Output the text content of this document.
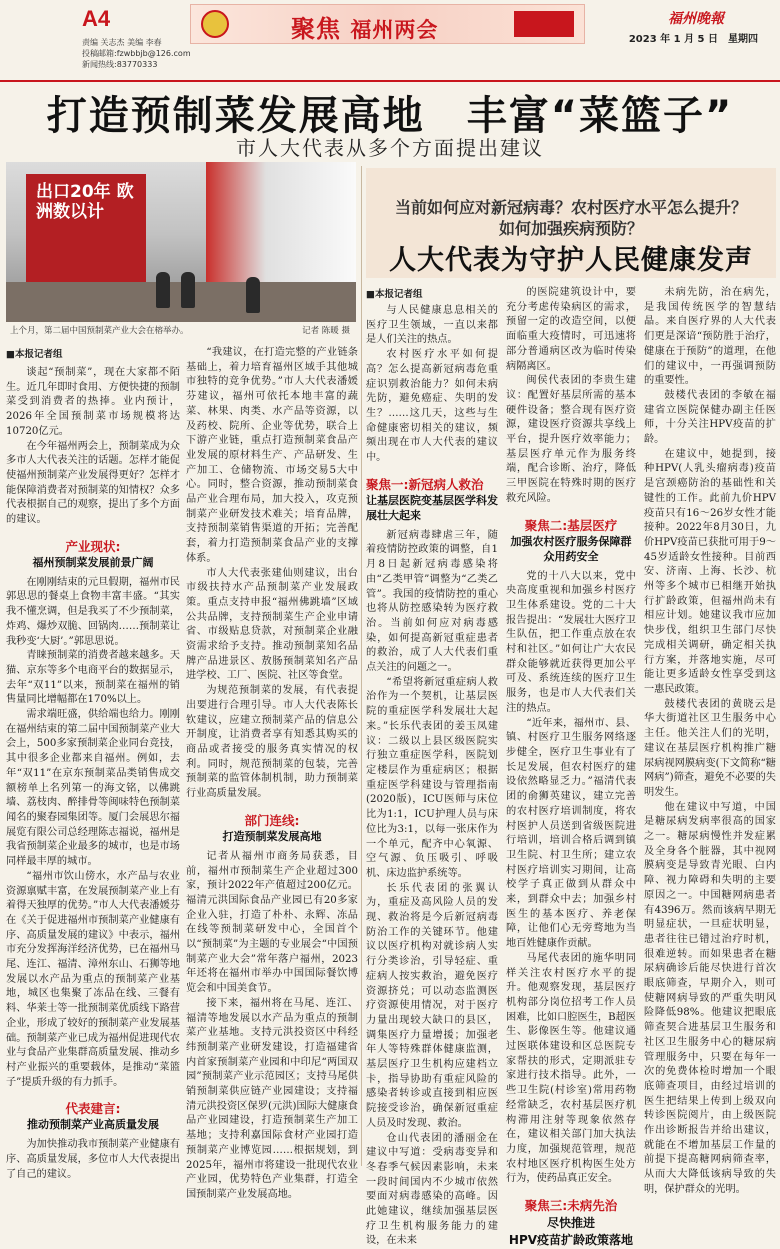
A4
责编 关志杰 美编 李春
投稿邮箱:fzwbbjb@126.com
新闻热线:83770333
聚焦 福州两会	福州晚報
2023 年 1 月 5 日　星期四
打造预制菜发展高地　丰富“菜篮子”
市人大代表从多个方面提出建议
出口20年 欧洲数以计
上个月，第二届中国预制菜产业大会在榕举办。	记者 陈暖 摄
■本报记者组

谈起“预制菜”，现在大家都不陌生。近几年即时食用、方便快捷的预制菜受到消费者的热捧。业内预计，2026年全国预制菜市场规模将达10720亿元。

在今年福州两会上，预制菜成为众多市人大代表关注的话题。怎样才能促使福州预制菜产业发展得更好？怎样才能保障消费者对预制菜的知情权？众多代表根据自己的观察，提出了多个方面的建议。

产业现状:
福州预制菜发展前景广阔

在刚刚结束的元旦假期，福州市民郭思思的餐桌上食物丰富丰盛。“其实我不懂烹调，但是我买了不少预制菜，炸鸡、爆炒双脆、回锅肉……预制菜让我秒变‘大厨’。”郭思思说。

青睐预制菜的消费者越来越多。天猫、京东等多个电商平台的数据显示，去年“双11”以来，预制菜在福州的销售量同比增幅都在170%以上。

需求端旺盛，供给端也给力。刚刚在福州结束的第二届中国预制菜产业大会上，500多家预制菜企业同台竞技，其中很多企业都来自福州。例如，去年“双11”在京东预制菜品类销售成交额榜单上名列第一的海文铭，以佛跳墙、荔枝肉、醉排骨等闽味特色预制菜闻名的聚春园集团等。厦门会展思尔福展览有限公司总经理陈志福说，福州是我省预制菜企业最多的城市，也是市场同样最丰厚的城市。

“福州市饮山傍水，水产品与农业资源禀赋丰富，在发展预制菜产业上有着得天独厚的优势。”市人大代表潘媛芬在《关于促进福州市预制菜产业健康有序、高质量发展的建议》中表示，福州市充分发挥海洋经济优势，已在福州马尾、连江、福清、漳州东山、石狮等地发展以水产品为重点的预制菜产业基地，城区也集聚了冻品在线、三餐有料、华莱士等一批预制菜优质线下路营企业，形成了较好的预制菜产业发展基础。预制菜产业已成为福州促进现代农业与食品产业集群高质量发展、推动乡村产业振兴的重要载体，是推动“菜篮子”提质升级的有力抓手。

代表建言:
推动预制菜产业高质量发展

为加快推动我市预制菜产业健康有序、高质量发展，多位市人大代表提出了自己的建议。

“我建议，在打造完整的产业链条基础上，着力培育福州区域手其他城市独特的竞争优势。”市人大代表潘媛芬建议，福州可依托本地丰富的蔬菜、林果、肉类、水产品等资源，以及药校、院所、企业等优势，联合上下游产业链，重点打造预制菜食品产业发展的原材料生产、产品研发、生产加工、仓储物流、市场交易5大中心。同时，整合资源，推动预制菜食品产业合理布局，加大投入，攻克预制菜产业研发技术难关；培育品牌，支持预制菜销售渠道的开拓；完善配套，着力打造预制菜食品产业的支撑体系。

市人大代表张建仙则建议，出台市级扶持水产品预制菜产业发展政策。重点支持申报“福州佛跳墙”区域公共品牌，支持预制菜生产企业申请省、市级贴息贷款，对预制菜企业融资需求给予支持。推动预制菜知名品牌产品进景区、敖肠预制菜知名产品进学校、工厂、医院、社区等食堂。

为规范预制菜的发展，有代表提出要进行合理引导。市人大代表陈长钦建议，应建立预制菜产品的信息公开制度，让消费者享有知悉其购买的商品或者接受的服务真实情况的权利。同时，规范预制菜的包装，完善预制菜的监管体制机制，助力预制菜行业高质量发展。

部门连线:
打造预制菜发展高地

记者从福州市商务局获悉，目前，福州市预制菜生产企业超过300家，预计2022年产值超过200亿元。福清元洪国际食品产业园已有20多家企业入驻，打造了朴朴、永辉、冻品在线等预制菜研发中心，全国首个以“预制菜”为主题的专业展会“中国预制菜产业大会”常年落户福州，2023年还将在福州市举办中国国际餐饮博览会和中国美食节。

接下来，福州将在马尾、连江、福清等地发展以水产品为重点的预制菜产业基地。支持元洪投资区中科经纬预制菜产业研发建设，打造福建省内首家预制菜产业园和中印尼“两国双园”预制菜产业示范园区；支持马尾供销预制菜供应链产业园建设；支持福清元洪投资区保罗(元洪)国际大健康食品产业园建设，打造预制菜生产加工基地；支持利嘉国际食材产业园打造预制菜产业博览园……根据规划，到2025年，福州市将建设一批现代农业产业园，优势特色产业集群，打造全国预制菜产业发展高地。

当前如何应对新冠病毒？农村医疗水平怎么提升？
如何加强疾病预防？
人大代表为守护人民健康发声
■本报记者组

与人民健康息息相关的医疗卫生领域，一直以来都是人们关注的热点。

农村医疗水平如何提高？怎么提高新冠病毒危重症识别救治能力？如何未病先防，避免癌症、失明的发生？……这几天，这些与生命健康密切相关的建议，频频出现在市人大代表的建议中。

聚焦一:新冠病人救治
让基层医院变基层医学科发展壮大起来

新冠病毒肆虐三年，随着疫情防控政策的调整，自1月8日起新冠病毒感染将由“乙类甲管”调整为“乙类乙管”。我国的疫情防控的重心也将从防控感染转为医疗救治。当前如何应对病毒感染，如何提高新冠重症患者的救治，成了人大代表们重点关注的问题之一。

“希望将新冠重症病人救治作为一个契机，让基层医院的重症医学科发展壮大起来。”长乐代表团的姜玉凤建议：二级以上县区级医院实行独立重症医学科，医院划定楼层作为重症病区；根据重症医学科建设与管理指南(2020版)，ICU医师与床位比为1:1，ICU护理人员与床位比为3:1，以每一张床作为一个单元，配齐中心氧源、空气源、负压吸引、呼吸机、床边监护系统等。

长乐代表团的张翼认为，重症及高风险人员的发现、救治将是今后新冠病毒防治工作的关键环节。他建议以医疗机构对就诊病人实行分类诊治，引导轻症、重症病人按实救治，避免医疗资源挤兑；可以动态监测医疗资源使用情况，对于医疗力量出现较大缺口的县区，调集医疗力量增援；加强老年人等特殊群体健康监测，基层医疗卫生机构应建档立卡，指导协助有重症风险的感染者转诊或直接到相应医院接受诊治，确保新冠重症人员及时发现、救治。

仓山代表团的潘丽金在建议中写道：受病毒变异和冬春季气候因素影响，未来一段时间国内不少城市依然要面对病毒感染的高峰。因此她建议，继续加强基层医疗卫生机构服务能力的建设，在未来

的医院建筑设计中，要充分考虑传染病区的需求，预留一定的改造空间，以便面临重大疫情时，可迅速将部分普通病区改为临时传染病隔离区。

闽侯代表团的李贵生建议：配置好基层所需的基本硬件设备；整合现有医疗资源，建设医疗资源共享线上平台，提升医疗效率能力；基层医疗单元作为服务终端，配合诊断、治疗，降低三甲医院在特殊时期的医疗救充风险。

聚焦二:基层医疗
加强农村医疗服务保障群众用药安全

党的十八大以来，党中央高度重视和加强乡村医疗卫生体系建设。党的二十大报告提出：“发展壮大医疗卫生队伍，把工作重点放在农村和社区。”如何让广大农民群众能够就近获得更加公平可及、系统连续的医疗卫生服务，也是市人大代表们关注的热点。

“近年来，福州市、县、镇、村医疗卫生服务网络逐步健全，医疗卫生事业有了长足发展，但农村医疗的建设依然略显乏力。”福清代表团的俞狮英建议，建立完善的农村医疗培训制度，将农村医护人员送到省级医院进行培训，培训合格后调到镇卫生院、村卫生所；建立农村医疗培训实习期间，让高校学子真正做到从群众中来，到群众中去；加强乡村医生的基本医疗、养老保障，让他们心无旁骛地为当地百姓健康作贡献。

马尾代表团的施华明同样关注农村医疗水平的提升。他观察发现，基层医疗机构部分岗位招考工作人员困难，比如口腔医生，B超医生、影像医生等。他建议通过医联体建设和区总医院专家帮扶的形式，定期派驻专家进行技术指导。此外，一些卫生院(村诊室)常用药物经常缺乏，农村基层医疗机构滞用注射等现象依然存在，建议相关部门加大执法力度，加强规范管理，规范农村地区医疗机构医生处方行为，使药品真正安全。

聚焦三:未病先治
尽快推进
HPV疫苗扩龄政策落地

未病先防，治在病先，是我国传统医学的智慧结晶。来自医疗界的人大代表们更是深谙“预防胜于治疗，健康在于预防”的道理，在他们的建议中，一再强调预防的重要性。

鼓楼代表团的李敏在福建省立医院保健办副主任医师，十分关注HPV疫苗的扩龄。

在建议中，她提到，接种HPV(人乳头瘤病毒)疫苗是宫颈癌防治的基础性和关键性的工作。此前九价HPV疫苗只有16～26岁女性才能接种。2022年8月30日，九价HPV疫苗已获批可用于9～45岁适龄女性接种。目前西安、济南、上海、长沙、杭州等多个城市已相继开始执行扩龄政策，但福州尚未有相应计划。她建议我市应加快步伐，组织卫生部门尽快完成相关调研，确定相关执行方案，并落地实施，尽可能让更多适龄女性享受到这一惠民政策。

鼓楼代表团的黄晓云是华大街道社区卫生服务中心主任。他关注人们的光明，建议在基层医疗机构推广糖尿病视网膜病变(下文简称“糖网病”)筛查，避免不必要的失明发生。

他在建议中写道，中国是糖尿病发病率很高的国家之一。糖尿病慢性并发症累及全身各个脏器，其中视网膜病变是导致青光眼、白内障、视力障碍和失明的主要原因之一。中国糖网病患者有4396万。然而该病早期无明显症状，一旦症状明显，患者往往已错过治疗时机，很难逆转。而如果患者在糖尿病确诊后能尽快进行首次眼底筛查，早期介入，则可使糖网病导致的严重失明风险降低98%。他建议把眼底筛查契合进基层卫生服务和社区卫生服务中心的糖尿病管理服务中，只要在每年一次的免费体检时增加一个眼底筛查项目，由经过培训的医生把结果上传到上级双向转诊医院阅片，由上级医院作出诊断报告并给出建议，就能在不增加基层工作量的前提下提高糖网病筛查率，从而大大降低该病导致的失明，保护群众的光明。
